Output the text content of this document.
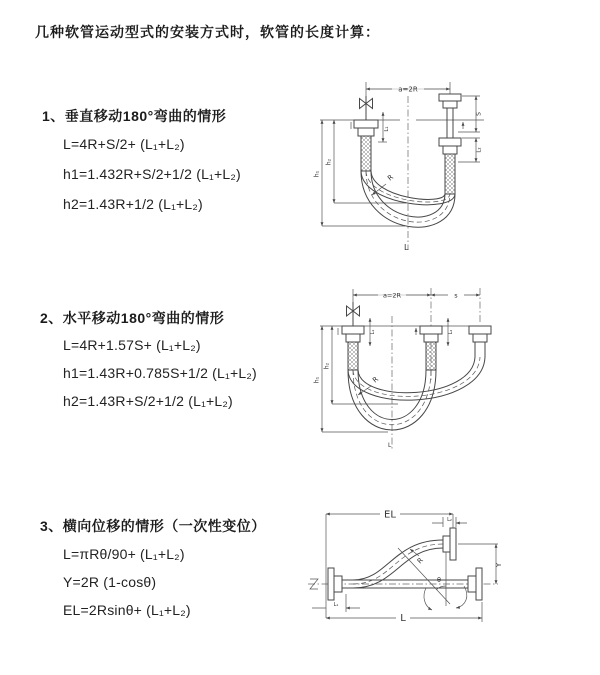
几种软管运动型式的安装方式时，软管的长度计算：
1、垂直移动180°弯曲的情形
L=4R+S/2+ (L₁+L₂)
h1=1.432R+S/2+1/2 (L₁+L₂)
h2=1.43R+1/2 (L₁+L₂)
a=2R
L₁
S
L₂
h₁
h₂
R
L
2、水平移动180°弯曲的情形
L=4R+1.57S+ (L₁+L₂)
h1=1.43R+0.785S+1/2 (L₁+L₂)
h2=1.43R+S/2+1/2 (L₁+L₂)
a=2R	s
L₁	L₂
h₁
h₂
R
L
3、横向位移的情形（一次性变位）
L=πRθ/90+ (L₁+L₂)
Y=2R (1-cosθ)
EL=2Rsinθ+ (L₁+L₂)
EL	L₂
Y
L
L₁
θ
R
